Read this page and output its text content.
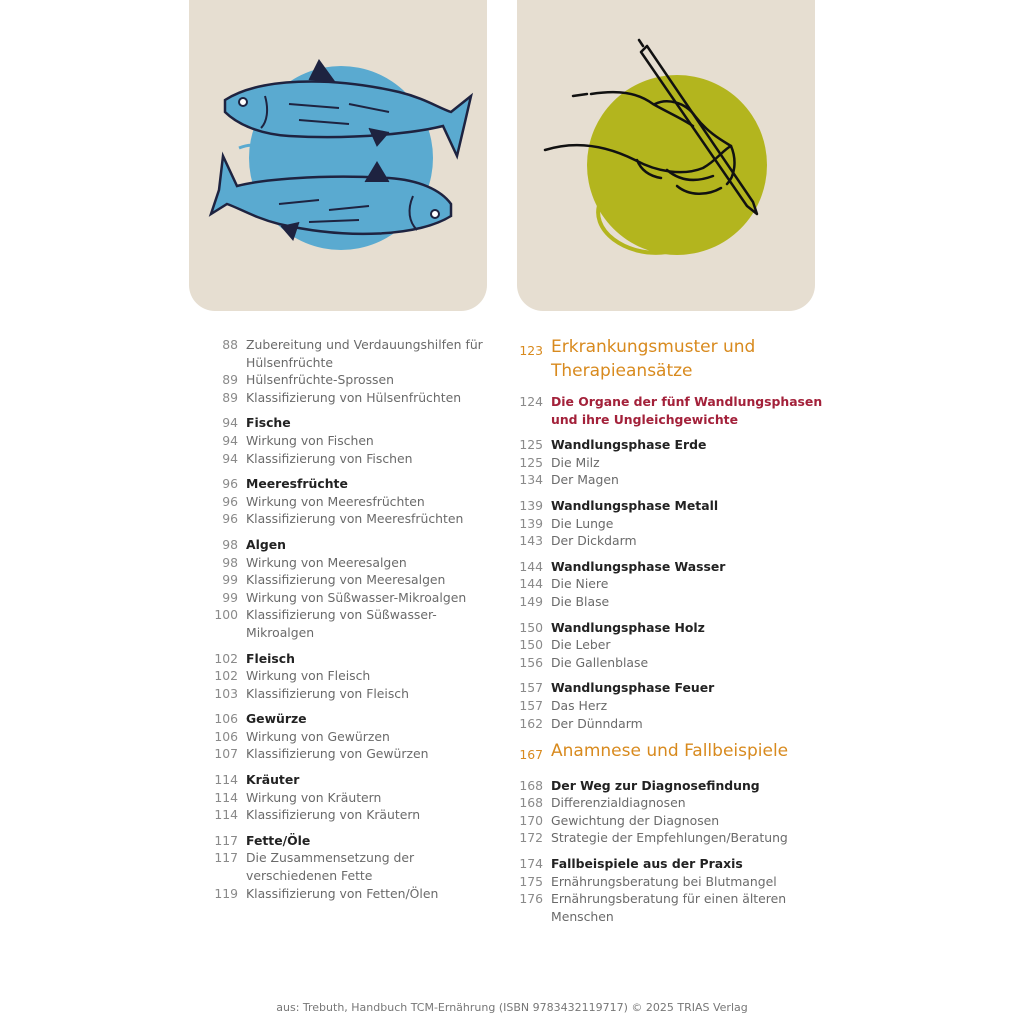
88 Zubereitung und Verdauungshilfen für Hülsenfrüchte
89 Hülsenfrüchte-Sprossen
89 Klassifizierung von Hülsenfrüchten
94 Fische
94 Wirkung von Fischen
94 Klassifizierung von Fischen
96 Meeresfrüchte
96 Wirkung von Meeresfrüchten
96 Klassifizierung von Meeresfrüchten
98 Algen
98 Wirkung von Meeresalgen
99 Klassifizierung von Meeresalgen
99 Wirkung von Süßwasser-Mikroalgen
100 Klassifizierung von Süßwasser-Mikroalgen
102 Fleisch
102 Wirkung von Fleisch
103 Klassifizierung von Fleisch
106 Gewürze
106 Wirkung von Gewürzen
107 Klassifizierung von Gewürzen
114 Kräuter
114 Wirkung von Kräutern
114 Klassifizierung von Kräutern
117 Fette/Öle
117 Die Zusammensetzung der verschiedenen Fette
119 Klassifizierung von Fetten/Ölen
123 Erkrankungsmuster und Therapieansätze
124 Die Organe der fünf Wandlungsphasen und ihre Ungleichgewichte
125 Wandlungsphase Erde
125 Die Milz
134 Der Magen
139 Wandlungsphase Metall
139 Die Lunge
143 Der Dickdarm
144 Wandlungsphase Wasser
144 Die Niere
149 Die Blase
150 Wandlungsphase Holz
150 Die Leber
156 Die Gallenblase
157 Wandlungsphase Feuer
157 Das Herz
162 Der Dünndarm
167 Anamnese und Fallbeispiele
168 Der Weg zur Diagnosefindung
168 Differenzialdiagnosen
170 Gewichtung der Diagnosen
172 Strategie der Empfehlungen/Beratung
174 Fallbeispiele aus der Praxis
175 Ernährungsberatung bei Blutmangel
176 Ernährungsberatung für einen älteren Menschen
aus: Trebuth, Handbuch TCM-Ernährung (ISBN 9783432119717) © 2025 TRIAS Verlag
